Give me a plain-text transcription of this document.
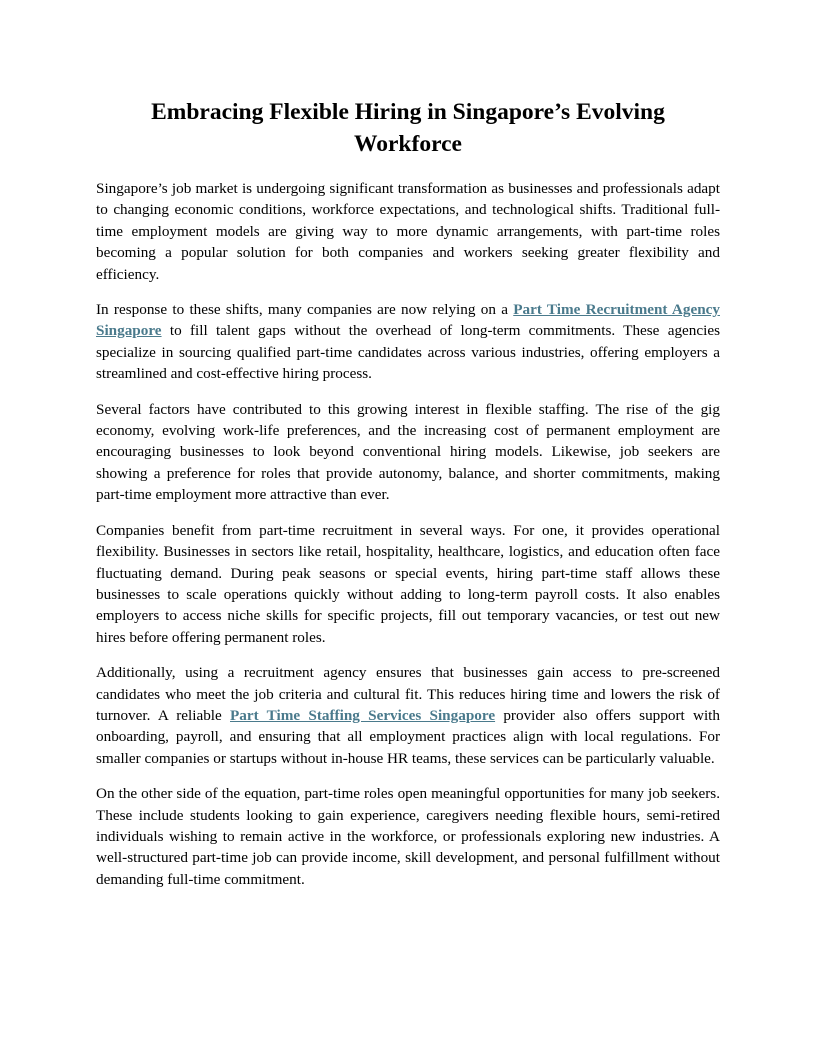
Embracing Flexible Hiring in Singapore’s Evolving Workforce

Singapore’s job market is undergoing significant transformation as businesses and professionals adapt to changing economic conditions, workforce expectations, and technological shifts. Traditional full-time employment models are giving way to more dynamic arrangements, with part-time roles becoming a popular solution for both companies and workers seeking greater flexibility and efficiency.

In response to these shifts, many companies are now relying on a Part Time Recruitment Agency Singapore to fill talent gaps without the overhead of long-term commitments. These agencies specialize in sourcing qualified part-time candidates across various industries, offering employers a streamlined and cost-effective hiring process.

Several factors have contributed to this growing interest in flexible staffing. The rise of the gig economy, evolving work-life preferences, and the increasing cost of permanent employment are encouraging businesses to look beyond conventional hiring models. Likewise, job seekers are showing a preference for roles that provide autonomy, balance, and shorter commitments, making part-time employment more attractive than ever.

Companies benefit from part-time recruitment in several ways. For one, it provides operational flexibility. Businesses in sectors like retail, hospitality, healthcare, logistics, and education often face fluctuating demand. During peak seasons or special events, hiring part-time staff allows these businesses to scale operations quickly without adding to long-term payroll costs. It also enables employers to access niche skills for specific projects, fill out temporary vacancies, or test out new hires before offering permanent roles.

Additionally, using a recruitment agency ensures that businesses gain access to pre-screened candidates who meet the job criteria and cultural fit. This reduces hiring time and lowers the risk of turnover. A reliable Part Time Staffing Services Singapore provider also offers support with onboarding, payroll, and ensuring that all employment practices align with local regulations. For smaller companies or startups without in-house HR teams, these services can be particularly valuable.

On the other side of the equation, part-time roles open meaningful opportunities for many job seekers. These include students looking to gain experience, caregivers needing flexible hours, semi-retired individuals wishing to remain active in the workforce, or professionals exploring new industries. A well-structured part-time job can provide income, skill development, and personal fulfillment without demanding full-time commitment.
